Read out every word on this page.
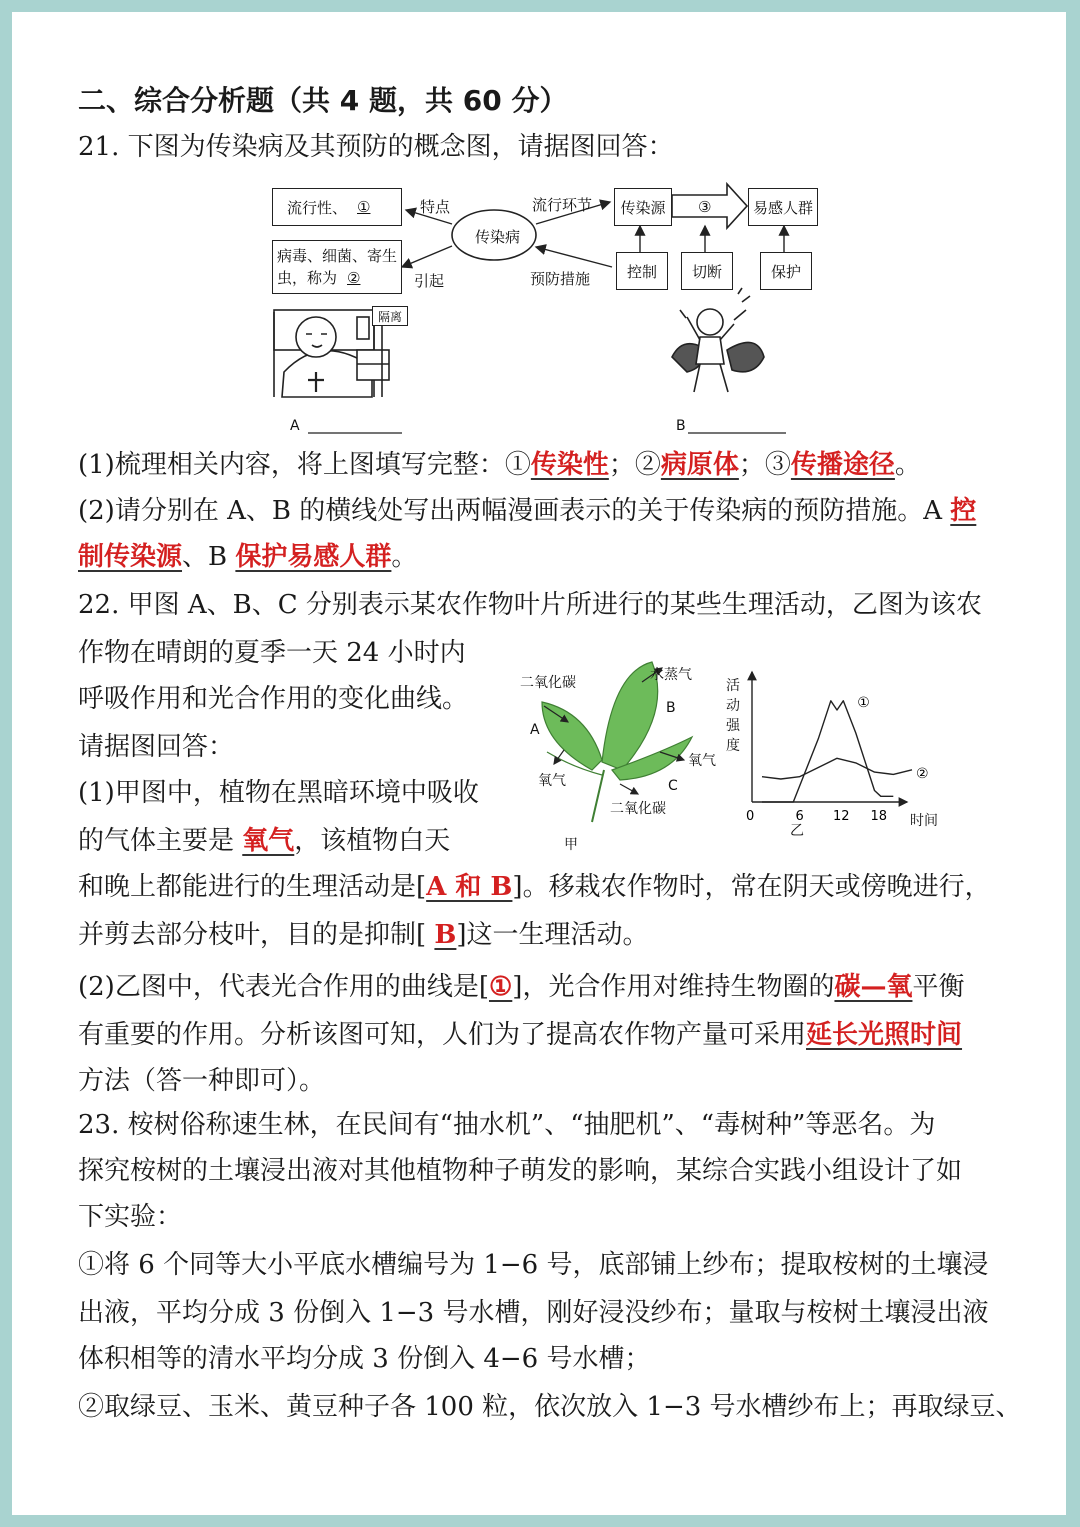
二、综合分析题（共 4 题，共 60 分）
21. 下图为传染病及其预防的概念图，请据图回答：
流行性、 ①
病毒、细菌、寄生
虫，称为 ②
传染病
特点
引起
流行环节
预防措施
传染源	③	易感人群
控制	切断	保护
隔离
A	B
(1)梳理相关内容，将上图填写完整：①传染性；②病原体；③传播途径。
(2)请分别在 A、B 的横线处写出两幅漫画表示的关于传染病的预防措施。A 控
制传染源、B 保护易感人群。
22. 甲图 A、B、C 分别表示某农作物叶片所进行的某些生理活动，乙图为该农
作物在晴朗的夏季一天 24 小时内
呼吸作用和光合作用的变化曲线。
请据图回答：
(1)甲图中，植物在黑暗环境中吸收
的气体主要是 氧气，该植物白天
二氧化碳	水蒸气
B
A
氧气
氧气	C
二氧化碳
甲
0	6 12 18
①
②
活动强度
时间
乙
和晚上都能进行的生理活动是[A 和 B]。移栽农作物时，常在阴天或傍晚进行，
并剪去部分枝叶，目的是抑制[ B]这一生理活动。
(2)乙图中，代表光合作用的曲线是[①]，光合作用对维持生物圈的碳—氧平衡
有重要的作用。分析该图可知，人们为了提高农作物产量可采用延长光照时间
方法（答一种即可）。
23. 桉树俗称速生林，在民间有“抽水机”、“抽肥机”、“毒树种”等恶名。为
探究桉树的土壤浸出液对其他植物种子萌发的影响，某综合实践小组设计了如
下实验：
①将 6 个同等大小平底水槽编号为 1−6 号，底部铺上纱布；提取桉树的土壤浸
出液，平均分成 3 份倒入 1−3 号水槽，刚好浸没纱布；量取与桉树土壤浸出液
体积相等的清水平均分成 3 份倒入 4−6 号水槽；
②取绿豆、玉米、黄豆种子各 100 粒，依次放入 1−3 号水槽纱布上；再取绿豆、
